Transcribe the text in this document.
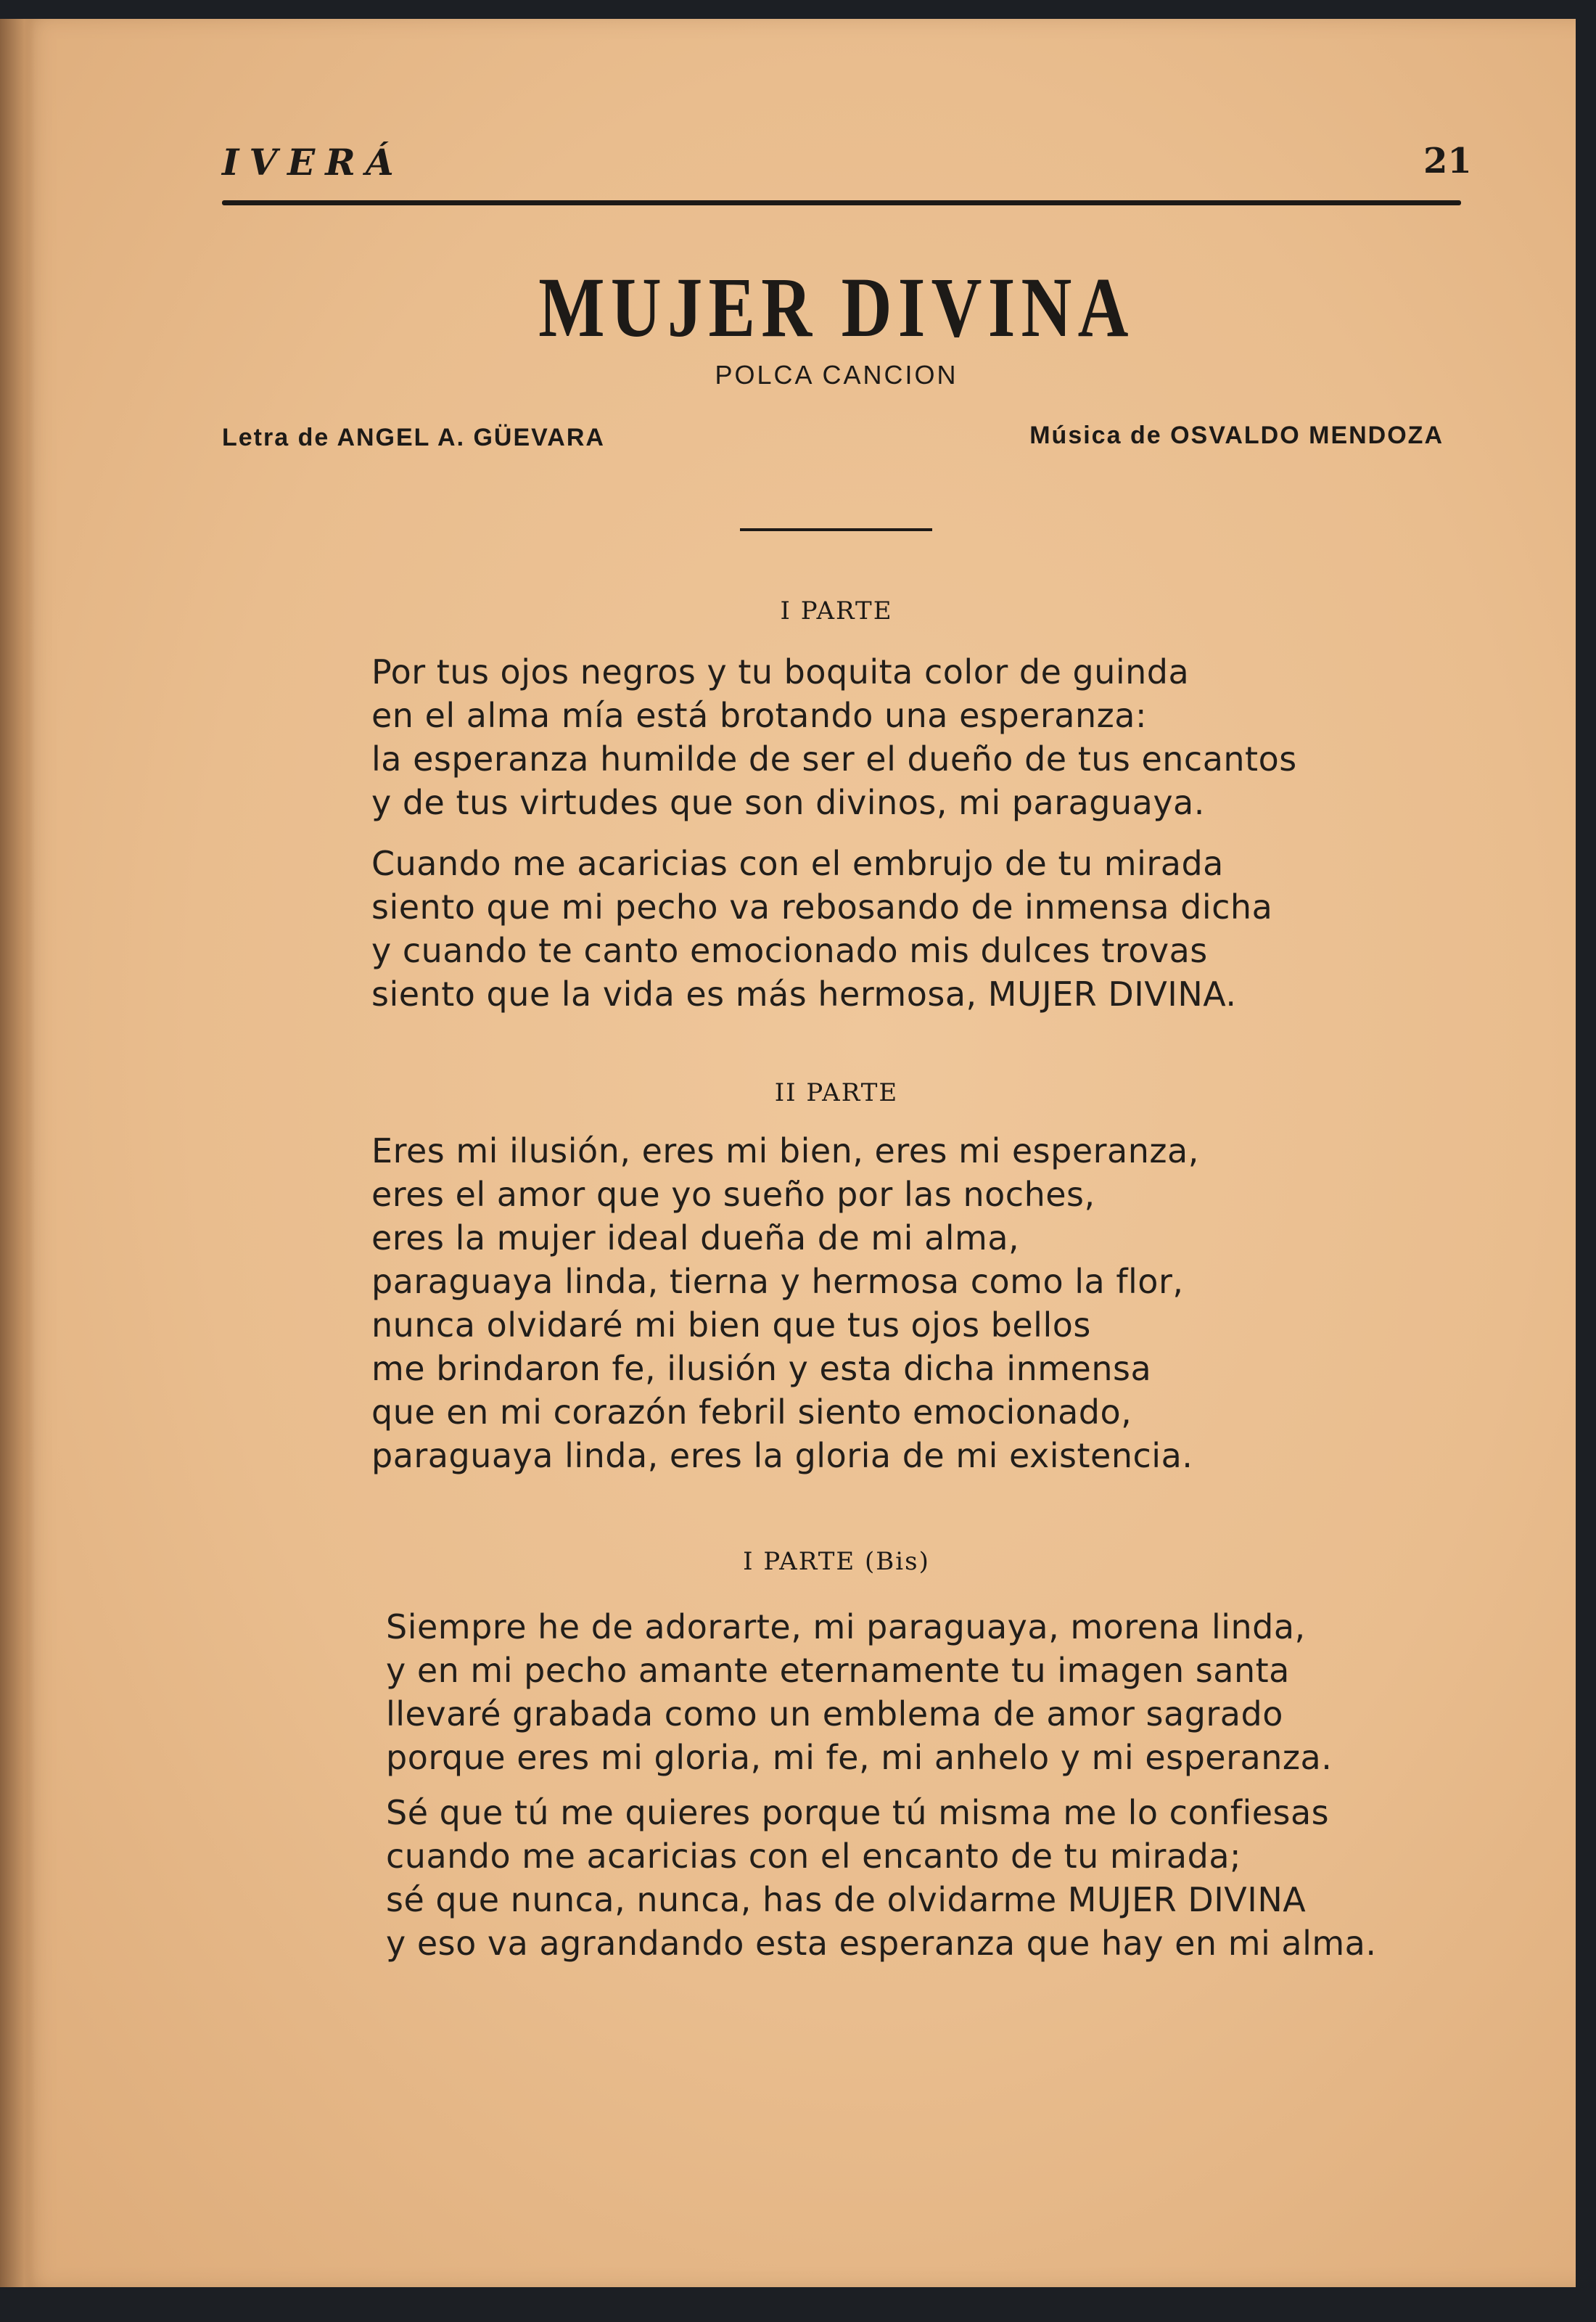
IVERÁ	21
MUJER DIVINA
POLCA CANCION
Letra de ANGEL A. GÜEVARA	Música de OSVALDO MENDOZA
I PARTE
Por tus ojos negros y tu boquita color de guinda
en el alma mía está brotando una esperanza:
la esperanza humilde de ser el dueño de tus encantos
y de tus virtudes que son divinos, mi paraguaya.
Cuando me acaricias con el embrujo de tu mirada
siento que mi pecho va rebosando de inmensa dicha
y cuando te canto emocionado mis dulces trovas
siento que la vida es más hermosa, MUJER DIVINA.
II PARTE
Eres mi ilusión, eres mi bien, eres mi esperanza,
eres el amor que yo sueño por las noches,
eres la mujer ideal dueña de mi alma,
paraguaya linda, tierna y hermosa como la flor,
nunca olvidaré mi bien que tus ojos bellos
me brindaron fe, ilusión y esta dicha inmensa
que en mi corazón febril siento emocionado,
paraguaya linda, eres la gloria de mi existencia.
I PARTE (Bis)
Siempre he de adorarte, mi paraguaya, morena linda,
y en mi pecho amante eternamente tu imagen santa
llevaré grabada como un emblema de amor sagrado
porque eres mi gloria, mi fe, mi anhelo y mi esperanza.
Sé que tú me quieres porque tú misma me lo confiesas
cuando me acaricias con el encanto de tu mirada;
sé que nunca, nunca, has de olvidarme MUJER DIVINA
y eso va agrandando esta esperanza que hay en mi alma.
